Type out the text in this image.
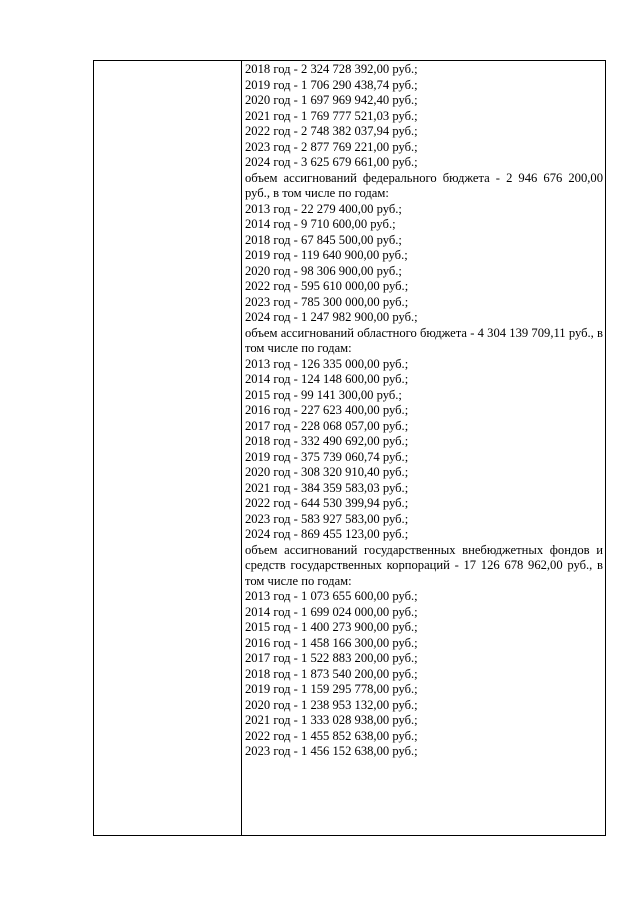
2018 год - 2 324 728 392,00 руб.;
2019 год - 1 706 290 438,74 руб.;
2020 год - 1 697 969 942,40 руб.;
2021 год - 1 769 777 521,03 руб.;
2022 год - 2 748 382 037,94 руб.;
2023 год - 2 877 769 221,00 руб.;
2024 год - 3 625 679 661,00 руб.;
объем ассигнований федерального бюджета - 2 946 676 200,00 руб., в том числе по годам:
2013 год - 22 279 400,00 руб.;
2014 год - 9 710 600,00 руб.;
2018 год - 67 845 500,00 руб.;
2019 год - 119 640 900,00 руб.;
2020 год - 98 306 900,00 руб.;
2022 год - 595 610 000,00 руб.;
2023 год - 785 300 000,00 руб.;
2024 год - 1 247 982 900,00 руб.;
объем ассигнований областного бюджета - 4 304 139 709,11 руб., в том числе по годам:
2013 год - 126 335 000,00 руб.;
2014 год - 124 148 600,00 руб.;
2015 год - 99 141 300,00 руб.;
2016 год - 227 623 400,00 руб.;
2017 год - 228 068 057,00 руб.;
2018 год - 332 490 692,00 руб.;
2019 год - 375 739 060,74 руб.;
2020 год - 308 320 910,40 руб.;
2021 год - 384 359 583,03 руб.;
2022 год - 644 530 399,94 руб.;
2023 год - 583 927 583,00 руб.;
2024 год - 869 455 123,00 руб.;
объем ассигнований государственных внебюджетных фондов и средств государственных корпораций - 17 126 678 962,00 руб., в том числе по годам:
2013 год - 1 073 655 600,00 руб.;
2014 год - 1 699 024 000,00 руб.;
2015 год - 1 400 273 900,00 руб.;
2016 год - 1 458 166 300,00 руб.;
2017 год - 1 522 883 200,00 руб.;
2018 год - 1 873 540 200,00 руб.;
2019 год - 1 159 295 778,00 руб.;
2020 год - 1 238 953 132,00 руб.;
2021 год - 1 333 028 938,00 руб.;
2022 год - 1 455 852 638,00 руб.;
2023 год - 1 456 152 638,00 руб.;
